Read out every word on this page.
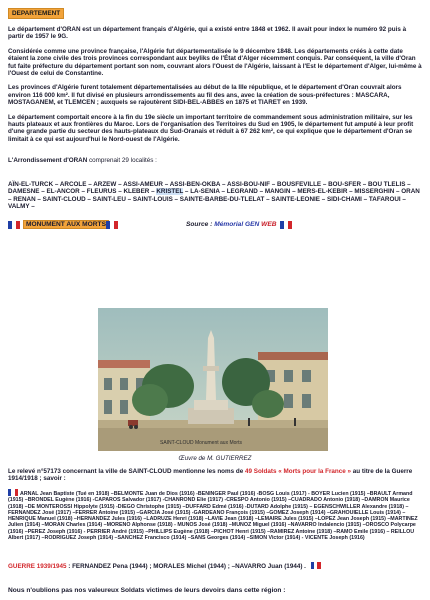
DEPARTEMENT

Le département d'ORAN est un département français d'Algérie, qui a existé entre 1848 et 1962. Il avait pour index le numéro 92 puis à partir de 1957 le 9G.

Considérée comme une province française, l'Algérie fut départementalisée le 9 décembre 1848. Les départements créés à cette date étaient la zone civile des trois provinces correspondant aux beyliks de l'État d'Alger récemment conquis. Par conséquent, la ville d'Oran fut faite préfecture du département portant son nom, couvrant alors l'Ouest de l'Algérie, laissant à l'Est le département d'Alger, lui-même à l'Ouest de celui de Constantine.

Les provinces d'Algérie furent totalement départementalisées au début de la IIIe république, et le département d'Oran couvrait alors environ 116 000 km². Il fut divisé en plusieurs arrondissements au fil des ans, avec la création de sous-préfectures : MASCARA, MOSTAGANEM, et TLEMCEN ; auxquels se rajoutèrent SIDI-BEL-ABBES en 1875 et TIARET en 1939.

Le département comportait encore à la fin du 19e siècle un important territoire de commandement sous administration militaire, sur les hauts plateaux et aux frontières du Maroc. Lors de l'organisation des Territoires du Sud en 1905, le département fut amputé à leur profit d'une grande partie du secteur des hauts-plateaux du Sud-Oranais et réduit à 67 262 km², ce qui explique que le département d'Oran se limitait à ce qui est aujourd'hui le Nord-ouest de l'Algérie.

L'Arrondissement d'ORAN comprenait 29 localités :

AÏN-EL-TURCK – ARCOLE – ARZEW – ASSI-AMEUR – ASSI-BEN-OKBA – ASSI-BOU-NIF – BOUSFEVILLE – BOU-SFER – BOU TLELIS – DAMESNE – EL-ANCOR – FLEURUS – KLEBER – KRISTEL – LA-SENIA – LEGRAND – MANGIN – MERS-EL-KEBIR – MISSERGHIN – ORAN – RENAN – SAINT-CLOUD – SAINT-LEU – SAINT-LOUIS – SAINTE-BARBE-DU-TLELAT – SAINTE-LEONIE – SIDI-CHAMI – TAFAROUI – VALMY –

MONUMENT AUX MORTS	Source : Mémorial GEN WEB
SAINT-CLOUD Monument aux Morts
Œuvre de M. GUTIERREZ

Le relevé n°57173 concernant la ville de SAINT-CLOUD mentionne les noms de 49 Soldats « Morts pour la France » au titre de la Guerre 1914/1918 ; savoir :

ARNAL Jean Baptiste (Tué en 1918) –BELMONTE Juan de Dios (1916) -BENINGER Paul (1916) -BOSG Louis (1917) - BOYER Lucien (1915) –BRAULT Armand (1915) –BRONDEL Eugène (1916) -CAPAROS Salvador (1917) -CHANROND Elie (1917) -CRESPO Antonio (1915) –CUADRADO Antonio (1918) –DAMRON Maurice (1918) –DE MONTEROSSI Hippolyte (1915) -DIEGO Christophe (1915) –DUFFARD Edmé (1916) -DUTARD Adolphe (1915) – EGENSCHWILLER Alexandre (1918) –FERNANDEZ José (1917) –FERRER Antoine (1915) –GARCIA José (1915) -GARDEANO François (1915) –GOMEZ Joseph (1914) –GRAHOUIELLE Louis (1914) –HENRIQUE Manuel (1918) –HERNANDEZ Jules (1916) –LADRUZE Henri (1918) –LAVIE Jean (1918) –LEMAIRE Jules (1915) –LOPEZ Jean Joseph (1915) –MARTINEZ Julien (1914) –MORAN Charles (1914) –MORENO Alphonse (1918) - MUNOS José (1918) –MUNOZ Miguel (1916) –NAVARRO Indalencio (1915) –OROSCO Polycarpe (1916) –PEREZ Joseph (1916) - PERRIER André (1915) –PHILLIPS Eugène (1918) –PICHOT Henri (1915) –RAMIREZ Antoine (1918) –RAMO Emile (1916) – REILLOU Albert (1917) –RODRIGUEZ Joseph (1914) –SANCHEZ Francisco (1914) –SANS Georges (1914) –SIMON Victor (1914) - VICENTE Joseph (1916)

GUERRE 1939/1945 : FERNANDEZ Pena (1944) ; MORALES Michel (1944) ; –NAVARRO Juan (1944) .

Nous n'oublions pas nos valeureux Soldats victimes de leurs devoirs dans cette région :
